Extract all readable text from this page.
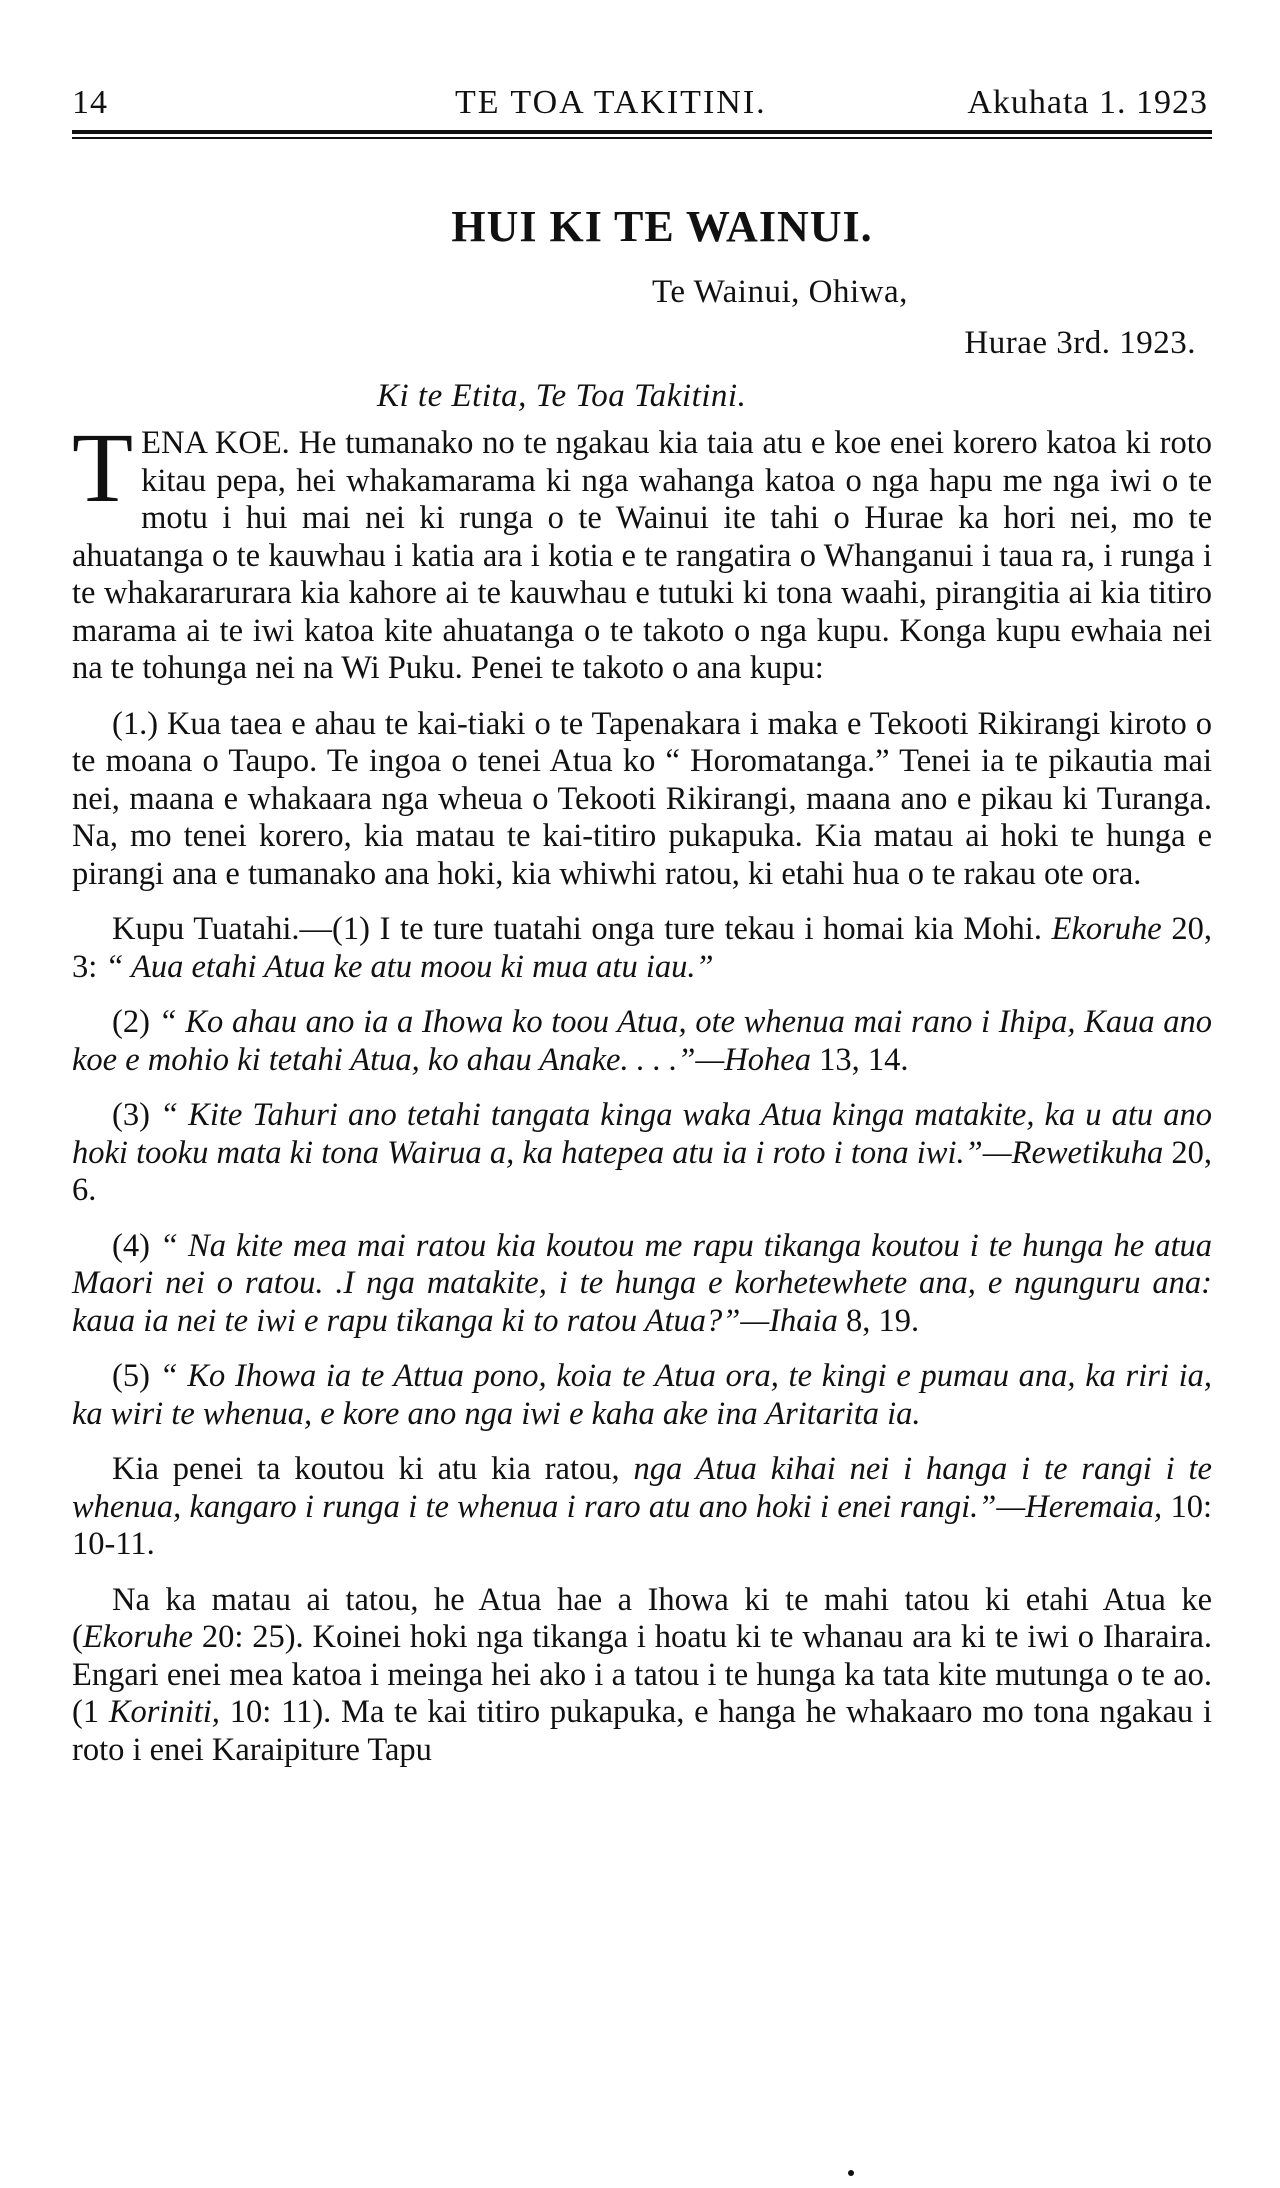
14	TE TOA TAKITINI.	Akuhata 1. 1923
HUI KI TE WAINUI.
Te Wainui, Ohiwa,
Hurae 3rd. 1923.
Ki te Etita, Te Toa Takitini.
T ENA KOE. He tumanako no te ngakau kia taia atu e koe enei korero katoa ki roto kitau pepa, hei whakamarama ki nga wahanga katoa o nga hapu me nga iwi o te motu i hui mai nei ki runga o te Wainui ite tahi o Hurae ka hori nei, mo te ahuatanga o te kauwhau i katia ara i kotia e te rangatira o Whanganui i taua ra, i runga i te whakararurara kia kahore ai te kauwhau e tutuki ki tona waahi, pirangitia ai kia titiro marama ai te iwi katoa kite ahuatanga o te takoto o nga kupu. Konga kupu ewhaia nei na te tohunga nei na Wi Puku. Penei te takoto o ana kupu:

(1.) Kua taea e ahau te kai-tiaki o te Tapenakara i maka e Tekooti Rikirangi kiroto o te moana o Taupo. Te ingoa o tenei Atua ko “ Horomatanga.” Tenei ia te pikautia mai nei, maana e whakaara nga wheua o Tekooti Rikirangi, maana ano e pikau ki Turanga. Na, mo tenei korero, kia matau te kai-titiro pukapuka. Kia matau ai hoki te hunga e pirangi ana e tumanako ana hoki, kia whiwhi ratou, ki etahi hua o te rakau ote ora.

Kupu Tuatahi.—(1) I te ture tuatahi onga ture tekau i homai kia Mohi. Ekoruhe 20, 3: “ Aua etahi Atua ke atu moou ki mua atu iau.”

(2) “ Ko ahau ano ia a Ihowa ko toou Atua, ote whenua mai rano i Ihipa, Kaua ano koe e mohio ki tetahi Atua, ko ahau Anake. . . .”—Hohea 13, 14.

(3) “ Kite Tahuri ano tetahi tangata kinga waka Atua kinga matakite, ka u atu ano hoki tooku mata ki tona Wairua a, ka hatepea atu ia i roto i tona iwi.”—Rewetikuha 20, 6.

(4) “ Na kite mea mai ratou kia koutou me rapu tikanga koutou i te hunga he atua Maori nei o ratou. .I nga matakite, i te hunga e korhetewhete ana, e ngunguru ana: kaua ia nei te iwi e rapu tikanga ki to ratou Atua?”—Ihaia 8, 19.

(5) “ Ko Ihowa ia te Attua pono, koia te Atua ora, te kingi e pumau ana, ka riri ia, ka wiri te whenua, e kore ano nga iwi e kaha ake ina Aritarita ia.

Kia penei ta koutou ki atu kia ratou, nga Atua kihai nei i hanga i te rangi i te whenua, kangaro i runga i te whenua i raro atu ano hoki i enei rangi.”—Heremaia, 10: 10-11.

Na ka matau ai tatou, he Atua hae a Ihowa ki te mahi tatou ki etahi Atua ke (Ekoruhe 20: 25). Koinei hoki nga tikanga i hoatu ki te whanau ara ki te iwi o Iharaira. Engari enei mea katoa i meinga hei ako i a tatou i te hunga ka tata kite mutunga o te ao. (1 Koriniti, 10: 11). Ma te kai titiro pukapuka, e hanga he whakaaro mo tona ngakau i roto i enei Karaipiture Tapu
